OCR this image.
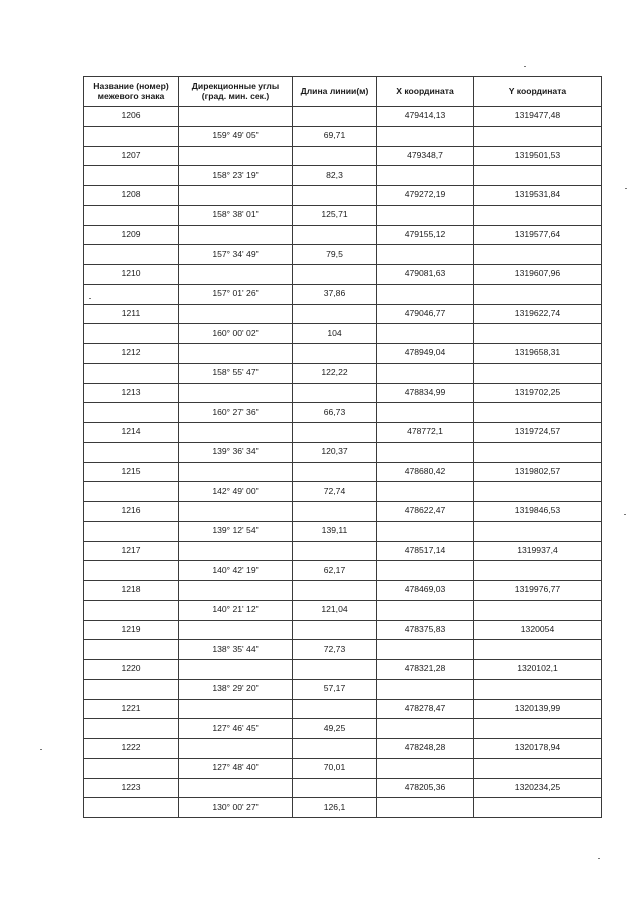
Название (номер) межевого знака	Дирекционные углы (град. мин. сек.)	Длина линии(м)	X координата	Y координата
1206			479414,13	1319477,48
	159° 49' 05"	69,71		
1207			479348,7	1319501,53
	158° 23' 19"	82,3		
1208			479272,19	1319531,84
	158° 38' 01"	125,71		
1209			479155,12	1319577,64
	157° 34' 49"	79,5		
1210			479081,63	1319607,96
	157° 01' 26"	37,86		
1211			479046,77	1319622,74
	160° 00' 02"	104		
1212			478949,04	1319658,31
	158° 55' 47"	122,22		
1213			478834,99	1319702,25
	160° 27' 36"	66,73		
1214			478772,1	1319724,57
	139° 36' 34"	120,37		
1215			478680,42	1319802,57
	142° 49' 00"	72,74		
1216			478622,47	1319846,53
	139° 12' 54"	139,11		
1217			478517,14	1319937,4
	140° 42' 19"	62,17		
1218			478469,03	1319976,77
	140° 21' 12"	121,04		
1219			478375,83	1320054
	138° 35' 44"	72,73		
1220			478321,28	1320102,1
	138° 29' 20"	57,17		
1221			478278,47	1320139,99
	127° 46' 45"	49,25		
1222			478248,28	1320178,94
	127° 48' 40"	70,01		
1223			478205,36	1320234,25
	130° 00' 27"	126,1		
